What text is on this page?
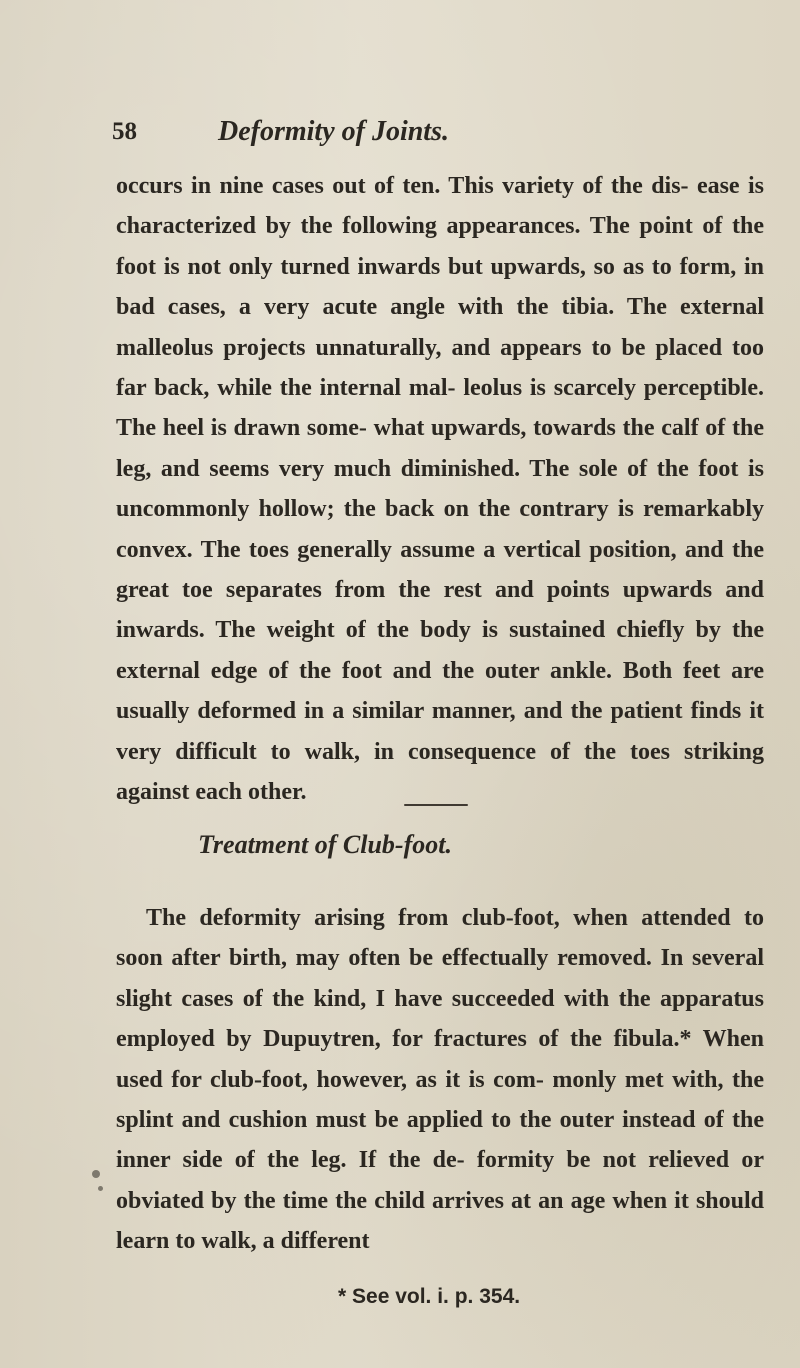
58	Deformity of Joints.

occurs in nine cases out of ten. This variety of the dis- ease is characterized by the following appearances. The point of the foot is not only turned inwards but upwards, so as to form, in bad cases, a very acute angle with the tibia. The external malleolus projects unnaturally, and appears to be placed too far back, while the internal mal- leolus is scarcely perceptible. The heel is drawn some- what upwards, towards the calf of the leg, and seems very much diminished. The sole of the foot is uncommonly hollow; the back on the contrary is remarkably convex. The toes generally assume a vertical position, and the great toe separates from the rest and points upwards and inwards. The weight of the body is sustained chiefly by the external edge of the foot and the outer ankle. Both feet are usually deformed in a similar manner, and the patient finds it very difficult to walk, in consequence of the toes striking against each other.

Treatment of Club-foot.

The deformity arising from club-foot, when attended to soon after birth, may often be effectually removed. In several slight cases of the kind, I have succeeded with the apparatus employed by Dupuytren, for fractures of the fibula.* When used for club-foot, however, as it is com- monly met with, the splint and cushion must be applied to the outer instead of the inner side of the leg. If the de- formity be not relieved or obviated by the time the child arrives at an age when it should learn to walk, a different

* See vol. i. p. 354.
